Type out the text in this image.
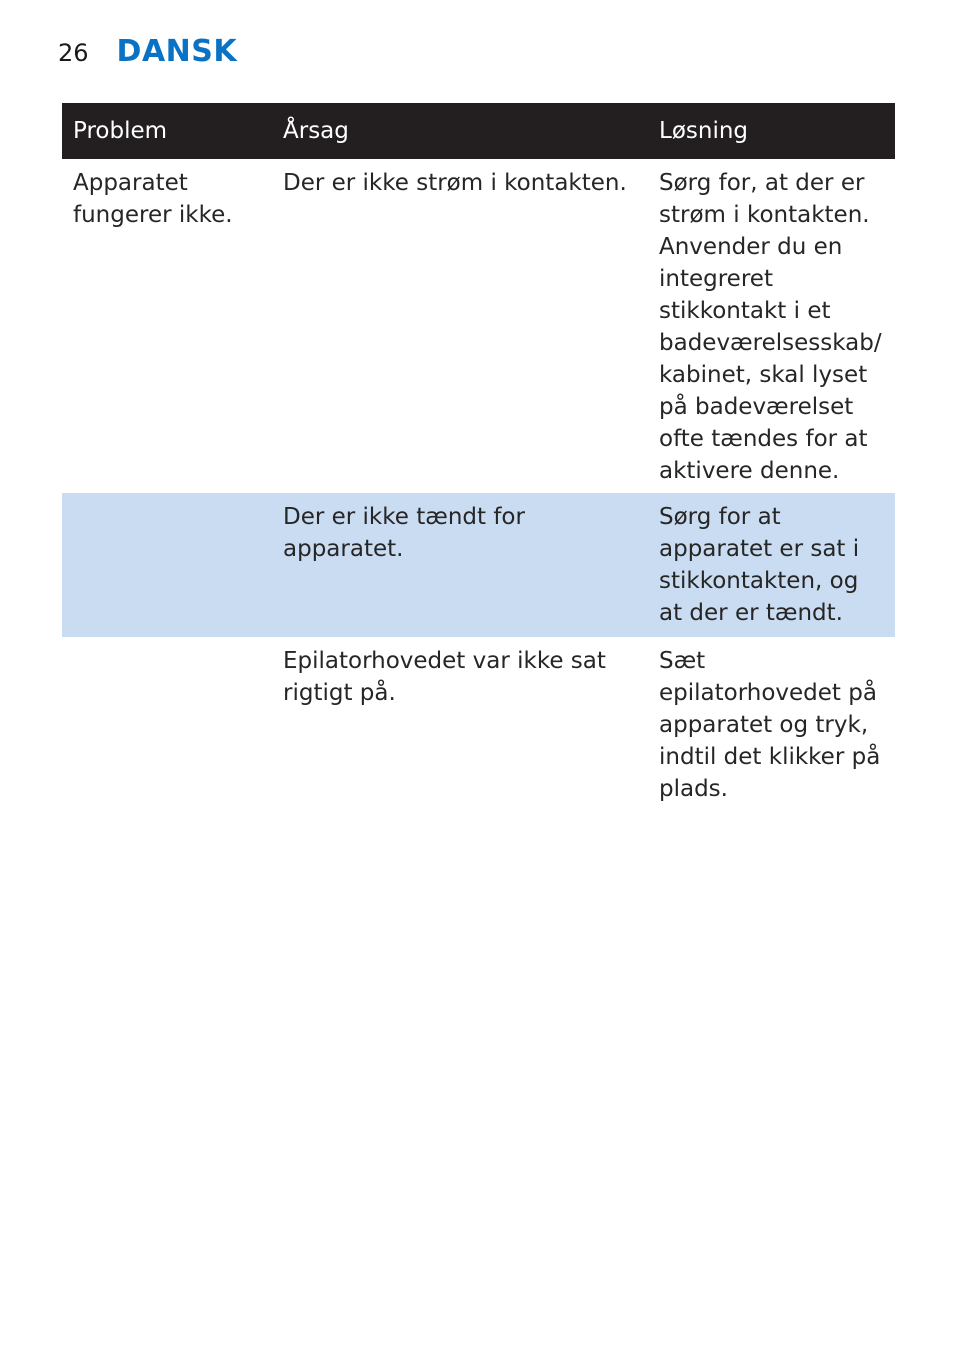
26 DANSK
Problem	Årsag	Løsning
Apparatet fungerer ikke.	Der er ikke strøm i kontakten.	Sørg for, at der er strøm i kontakten. Anvender du en integreret stikkontakt i et badeværelsesskab/ kabinet, skal lyset på badeværelset ofte tændes for at aktivere denne.
	Der er ikke tændt for apparatet.	Sørg for at apparatet er sat i stikkontakten, og at der er tændt.
	Epilatorhovedet var ikke sat rigtigt på.	Sæt epilatorhovedet på apparatet og tryk, indtil det klikker på plads.
